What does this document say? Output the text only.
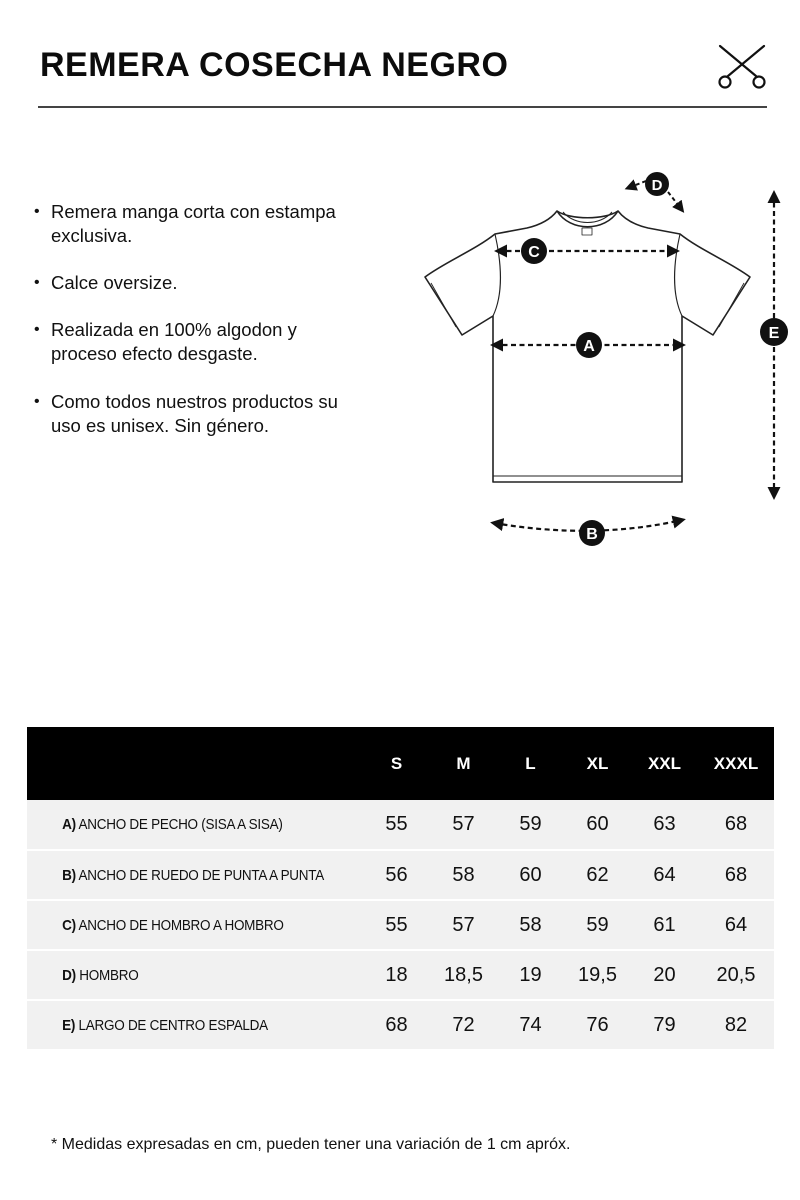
REMERA COSECHA NEGRO
• Remera manga corta con estampa exclusiva.
• Calce oversize.
• Realizada en 100% algodon y proceso efecto desgaste.
• Como todos nuestros productos su uso es unisex. Sin género.
A
B
C
D
E
	S	M	L	XL	XXL	XXXL
A) ANCHO DE PECHO (SISA A SISA)	55	57	59	60	63	68
B) ANCHO DE RUEDO DE PUNTA A PUNTA	56	58	60	62	64	68
C) ANCHO DE HOMBRO A HOMBRO	55	57	58	59	61	64
D) HOMBRO	18	18,5	19	19,5	20	20,5
E) LARGO DE CENTRO ESPALDA	68	72	74	76	79	82

* Medidas expresadas en cm, pueden tener una variación de 1 cm apróx.
